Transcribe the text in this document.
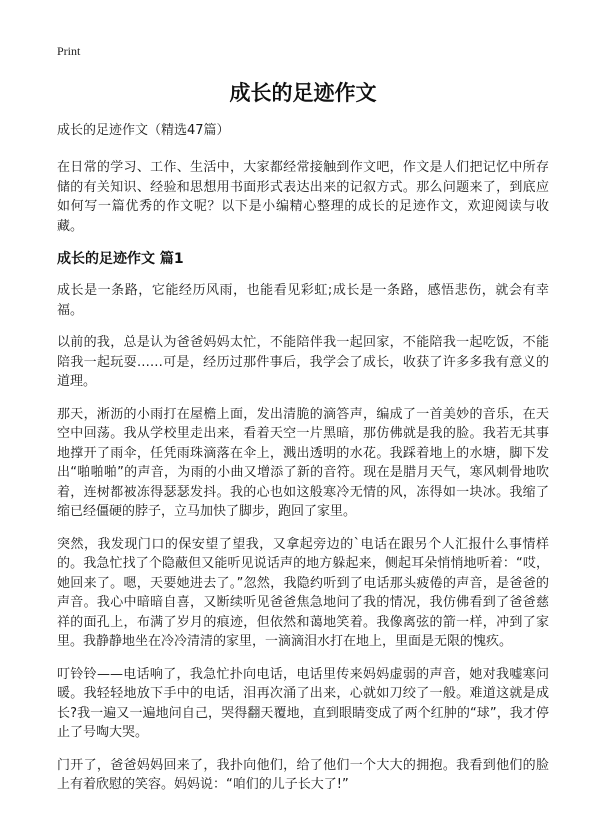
Print
成长的足迹作文

成长的足迹作文（精选47篇）

在日常的学习、工作、生活中，大家都经常接触到作文吧，作文是人们把记忆中所存储的有关知识、经验和思想用书面形式表达出来的记叙方式。那么问题来了，到底应如何写一篇优秀的作文呢？以下是小编精心整理的成长的足迹作文，欢迎阅读与收藏。

成长的足迹作文 篇1

成长是一条路，它能经历风雨，也能看见彩虹;成长是一条路，感悟悲伤，就会有幸福。

以前的我，总是认为爸爸妈妈太忙，不能陪伴我一起回家，不能陪我一起吃饭，不能陪我一起玩耍……可是，经历过那件事后，我学会了成长，收获了许多多我有意义的道理。

那天，淅沥的小雨打在屋檐上面，发出清脆的滴答声，编成了一首美妙的音乐，在天空中回荡。我从学校里走出来，看着天空一片黑暗，那仿佛就是我的脸。我若无其事地撑开了雨伞，任凭雨珠滴落在伞上，溅出透明的水花。我踩着地上的水塘，脚下发出“啪啪啪”的声音，为雨的小曲又增添了新的音符。现在是腊月天气，寒风刺骨地吹着，连树都被冻得瑟瑟发抖。我的心也如这般寒冷无情的风，冻得如一块冰。我缩了缩已经僵硬的脖子，立马加快了脚步，跑回了家里。

突然，我发现门口的保安望了望我，又拿起旁边的`电话在跟另个人汇报什么事情样的。我急忙找了个隐蔽但又能听见说话声的地方躲起来，侧起耳朵悄悄地听着：“哎，她回来了。嗯，天要她进去了。”忽然，我隐约听到了电话那头疲倦的声音，是爸爸的声音。我心中暗暗自喜，又断续听见爸爸焦急地问了我的情况，我仿佛看到了爸爸慈祥的面孔上，布满了岁月的痕迹，但依然和蔼地笑着。我像离弦的箭一样，冲到了家里。我静静地坐在冷冷清清的家里，一滴滴泪水打在地上，里面是无限的愧疚。

叮铃铃——电话响了，我急忙扑向电话，电话里传来妈妈虚弱的声音，她对我嘘寒问暖。我轻轻地放下手中的电话，泪再次涌了出来，心就如刀绞了一般。难道这就是成长?我一遍又一遍地问自己，哭得翻天覆地，直到眼睛变成了两个红肿的“球”，我才停止了号啕大哭。

门开了，爸爸妈妈回来了，我扑向他们，给了他们一个大大的拥抱。我看到他们的脸上有着欣慰的笑容。妈妈说：“咱们的儿子长大了!”
